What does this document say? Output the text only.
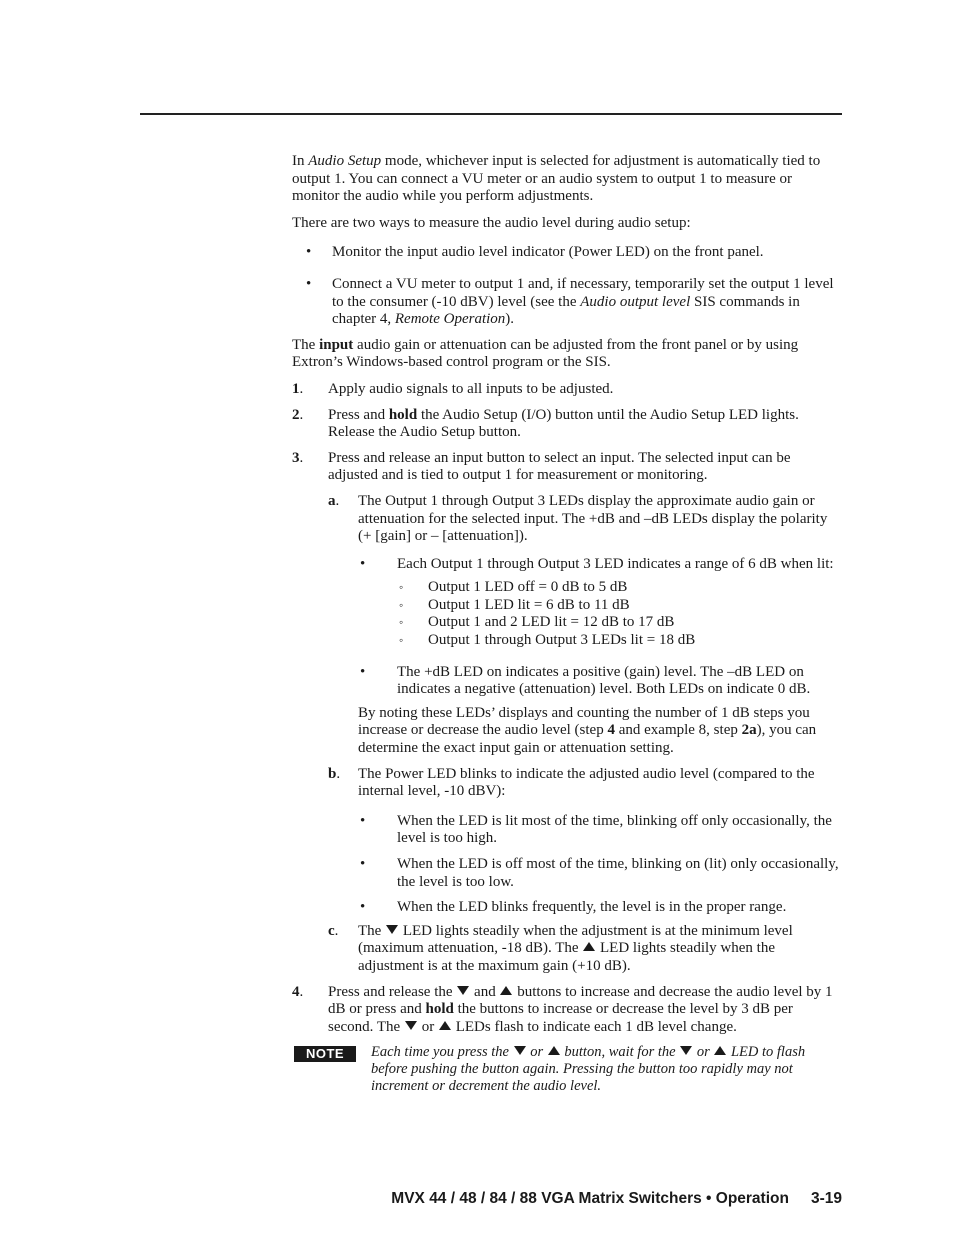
In Audio Setup mode, whichever input is selected for adjustment is automatically tied to output 1. You can connect a VU meter or an audio system to output 1 to measure or monitor the audio while you perform adjustments.

There are two ways to measure the audio level during audio setup:

• Monitor the input audio level indicator (Power LED) on the front panel.
• Connect a VU meter to output 1 and, if necessary, temporarily set the output 1 level to the consumer (-10 dBV) level (see the Audio output level SIS commands in chapter 4, Remote Operation).

The input audio gain or attenuation can be adjusted from the front panel or by using Extron’s Windows-based control program or the SIS.

1. Apply audio signals to all inputs to be adjusted.
2. Press and hold the Audio Setup (I/O) button until the Audio Setup LED lights. Release the Audio Setup button.
3. Press and release an input button to select an input. The selected input can be adjusted and is tied to output 1 for measurement or monitoring.
a. The Output 1 through Output 3 LEDs display the approximate audio gain or attenuation for the selected input. The +dB and –dB LEDs display the polarity (+ [gain] or – [attenuation]).
• Each Output 1 through Output 3 LED indicates a range of 6 dB when lit:
◦ Output 1 LED off = 0 dB to 5 dB
◦ Output 1 LED lit = 6 dB to 11 dB
◦ Output 1 and 2 LED lit = 12 dB to 17 dB
◦ Output 1 through Output 3 LEDs lit = 18 dB
• The +dB LED on indicates a positive (gain) level. The –dB LED on indicates a negative (attenuation) level. Both LEDs on indicate 0 dB.

By noting these LEDs’ displays and counting the number of 1 dB steps you increase or decrease the audio level (step 4 and example 8, step 2a), you can determine the exact input gain or attenuation setting.

b. The Power LED blinks to indicate the adjusted audio level (compared to the internal level, -10 dBV):
• When the LED is lit most of the time, blinking off only occasionally, the level is too high.
• When the LED is off most of the time, blinking on (lit) only occasionally, the level is too low.
• When the LED blinks frequently, the level is in the proper range.
c. The  LED lights steadily when the adjustment is at the minimum level (maximum attenuation, -18 dB). The  LED lights steadily when the adjustment is at the maximum gain (+10 dB).
4. Press and release the  and  buttons to increase and decrease the audio level by 1 dB or press and hold the buttons to increase or decrease the level by 3 dB per second. The  or  LEDs flash to indicate each 1 dB level change.
NOTE	Each time you press the  or  button, wait for the  or  LED to flash before pushing the button again. Pressing the button too rapidly may not increment or decrement the audio level.

MVX 44 / 48 / 84 / 88 VGA Matrix Switchers • Operation 3-19
